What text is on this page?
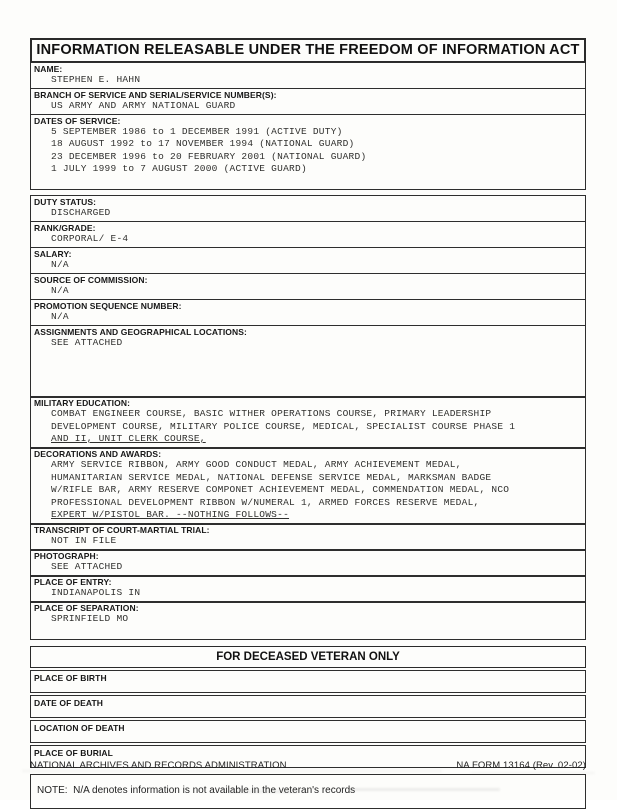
INFORMATION RELEASABLE UNDER THE FREEDOM OF INFORMATION ACT
NAME:
STEPHEN E. HAHN
BRANCH OF SERVICE AND SERIAL/SERVICE NUMBER(S):
US ARMY AND ARMY NATIONAL GUARD
DATES OF SERVICE:
5 SEPTEMBER 1986 to 1 DECEMBER 1991 (ACTIVE DUTY)
18 AUGUST 1992 to 17 NOVEMBER 1994 (NATIONAL GUARD)
23 DECEMBER 1996 to 20 FEBRUARY 2001 (NATIONAL GUARD)
1 JULY 1999 to 7 AUGUST 2000 (ACTIVE GUARD)
DUTY STATUS:
DISCHARGED
RANK/GRADE:
CORPORAL/ E-4
SALARY:
N/A
SOURCE OF COMMISSION:
N/A
PROMOTION SEQUENCE NUMBER:
N/A
ASSIGNMENTS AND GEOGRAPHICAL LOCATIONS:
SEE ATTACHED
MILITARY EDUCATION:
COMBAT ENGINEER COURSE, BASIC WITHER OPERATIONS COURSE, PRIMARY LEADERSHIP
DEVELOPMENT COURSE, MILITARY POLICE COURSE, MEDICAL, SPECIALIST COURSE PHASE 1
AND II, UNIT CLERK COURSE,
DECORATIONS AND AWARDS:
ARMY SERVICE RIBBON, ARMY GOOD CONDUCT MEDAL, ARMY ACHIEVEMENT MEDAL,
HUMANITARIAN SERVICE MEDAL, NATIONAL DEFENSE SERVICE MEDAL, MARKSMAN BADGE
W/RIFLE BAR, ARMY RESERVE COMPONET ACHIEVEMENT MEDAL, COMMENDATION MEDAL, NCO
PROFESSIONAL DEVELOPMENT RIBBON W/NUMERAL 1, ARMED FORCES RESERVE MEDAL,
EXPERT W/PISTOL BAR. --NOTHING FOLLOWS--
TRANSCRIPT OF COURT-MARTIAL TRIAL:
NOT IN FILE
PHOTOGRAPH:
SEE ATTACHED
PLACE OF ENTRY:
INDIANAPOLIS IN
PLACE OF SEPARATION:
SPRINFIELD MO
FOR DECEASED VETERAN ONLY
PLACE OF BIRTH
DATE OF DEATH
LOCATION OF DEATH
PLACE OF BURIAL
NOTE:  N/A denotes information is not available in the veteran's records
NATIONAL ARCHIVES AND RECORDS ADMINISTRATION	NA FORM 13164 (Rev. 02-02)
